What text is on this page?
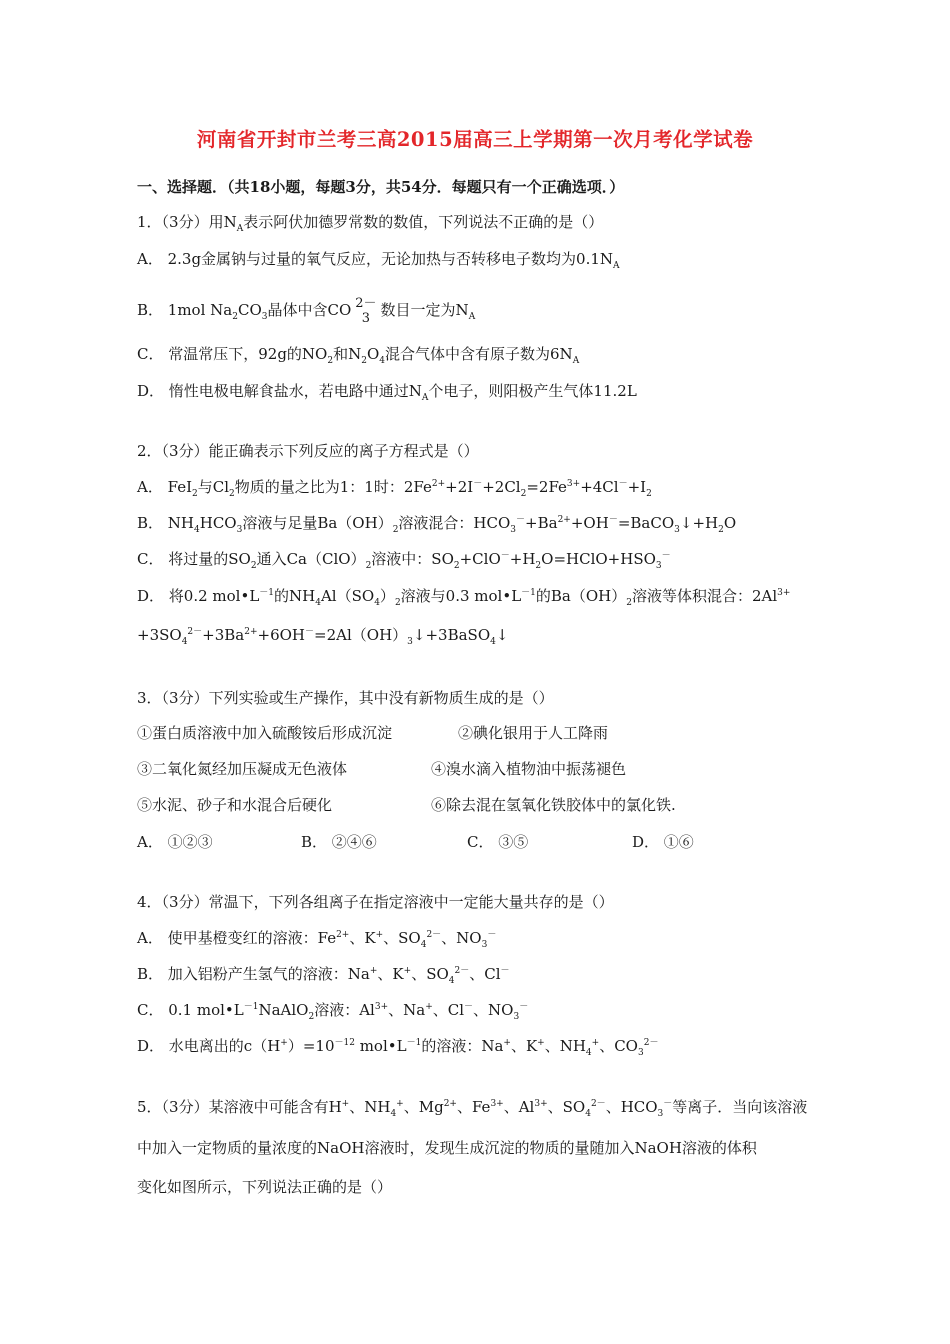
河南省开封市兰考三高2015届高三上学期第一次月考化学试卷
一、选择题．（共18小题，每题3分，共54分．每题只有一个正确选项．）
1．（3分）用$N_A$表示阿伏加德罗常数的数值，下列说法不正确的是（）
A． 2.3g金属钠与过量的氧气反应，无论加热与否转移电子数均为$0.1N_A$
B． 1mol $Na_2CO_3$晶体中含CO 2－
3 数目一定为$N_A$
C． 常温常压下，92g的$NO_2$和$N_2O_4$混合气体中含有原子数为$6N_A$
D． 惰性电极电解食盐水，若电路中通过$N_A$个电子，则阳极产生气体11.2L
2．（3分）能正确表示下列反应的离子方程式是（）
A． FeI$_2$与$Cl_2$物质的量之比为1：1时：$2Fe^{2+}+2I^-+2Cl_2=2Fe^{3+}+4Cl^-+I_2$
B． $NH_4HCO_3$溶液与足量$Ba(OH)_2$溶液混合：$HCO_3^-+Ba^{2+}+OH^-=BaCO_3↓+H_2O$
C． 将过量的$SO_2$通入$Ca(ClO)_2$溶液中：$SO_2+ClO^-+H_2O=HClO+HSO_3^-$
D． 将0.2 $mol•L^{-1}$的$NH_4Al(SO_4)_2$溶液与0.3 $mol•L^{-1}$的$Ba(OH)_2$溶液等体积混合：$2Al^{3+}$
$+3SO_4^{2-}+3Ba^{2+}+6OH^-=2Al(OH)_3↓+3BaSO_4↓$
3．（3分）下列实验或生产操作，其中没有新物质生成的是（）
①蛋白质溶液中加入硫酸铵后形成沉淀	②碘化银用于人工降雨
③二氧化氮经加压凝成无色液体	④溴水滴入植物油中振荡褪色
⑤水泥、砂子和水混合后硬化	⑥除去混在氢氧化铁胶体中的氯化铁.
A． ①②③	B． ②④⑥	C． ③⑤	D． ①⑥
4．（3分）常温下，下列各组离子在指定溶液中一定能大量共存的是（）
A． 使甲基橙变红的溶液：$Fe^{2+}$、K+、$SO_4^{2-}$、$NO_3^-$
B． 加入铝粉产生氢气的溶液：Na+、K+、$SO_4^{2-}$、Cl－
C． 0.1 $mol•L^{-1}NaAlO_2$溶液：$Al^{3+}$、Na+、Cl－、$NO_3^-$
D． 水电离出的$c(H^+)=10^{-12}$ $mol•L^{-1}$的溶液：Na+、K+、$NH_4^+$、$CO_3^{2-}$
5．（3分）某溶液中可能含有H+、$NH_4^+$、$Mg^{2+}$、$Fe^{3+}$、$Al^{3+}$、$SO_4^{2-}$、$HCO_3^-$等离子．当向该溶液
中加入一定物质的量浓度的NaOH溶液时，发现生成沉淀的物质的量随加入NaOH溶液的体积
变化如图所示，下列说法正确的是（）
